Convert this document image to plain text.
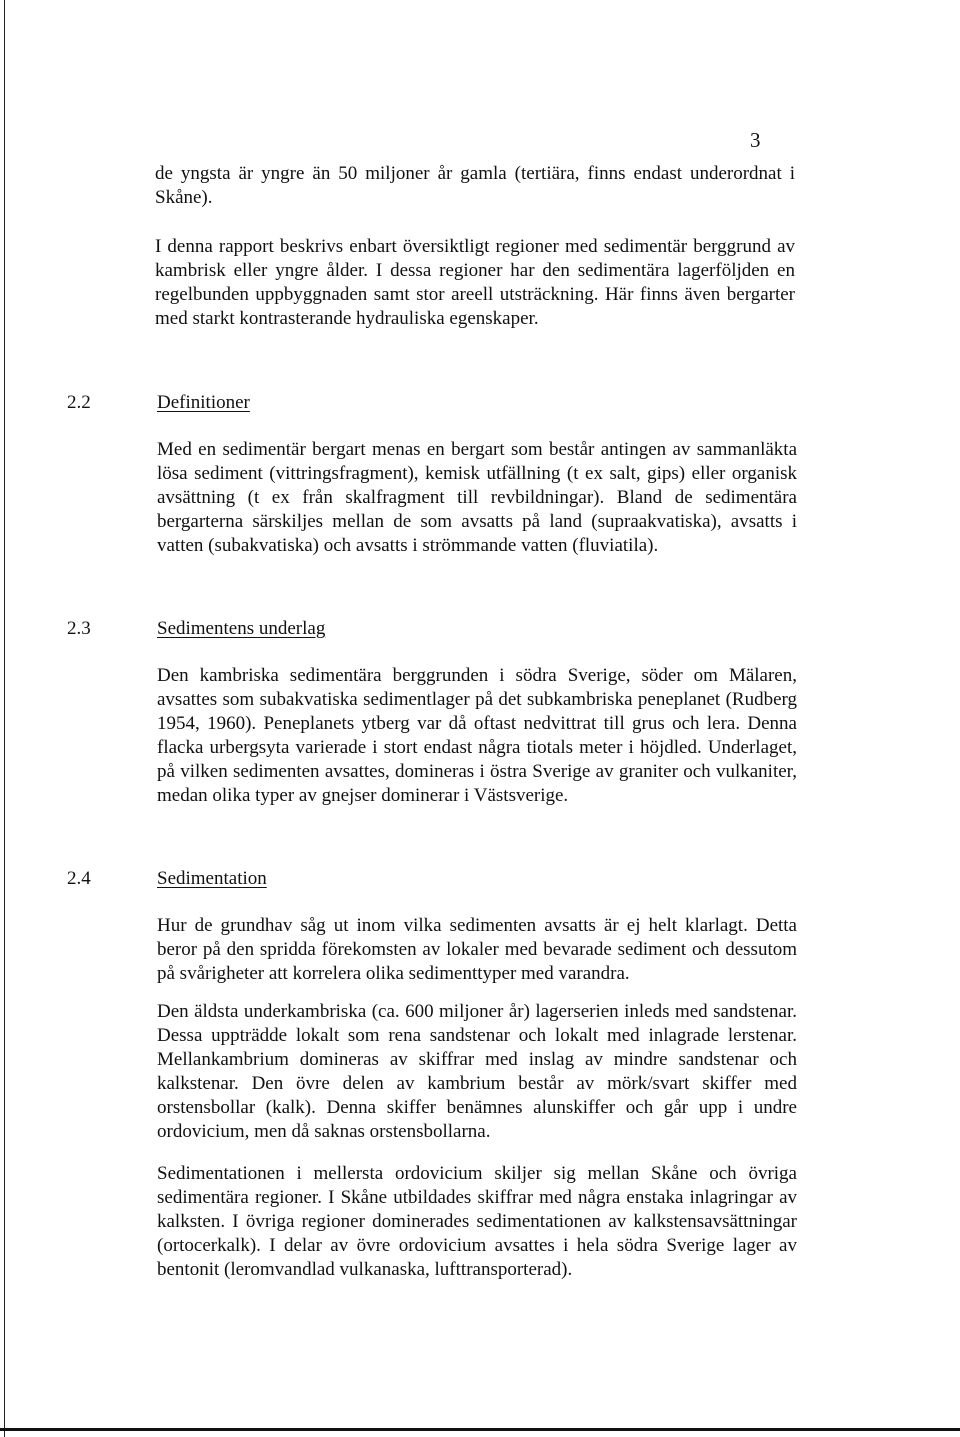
3

de yngsta är yngre än 50 miljoner år gamla (tertiära, finns endast underordnat i Skåne).

I denna rapport beskrivs enbart översiktligt regioner med sedimentär berggrund av kambrisk eller yngre ålder. I dessa regioner har den sedimentära lagerföljden en regelbunden uppbyggnaden samt stor areell utsträckning. Här finns även bergarter med starkt kontrasterande hydrauliska egenskaper.

2.2	Definitioner

Med en sedimentär bergart menas en bergart som består antingen av sammanläkta lösa sediment (vittringsfragment), kemisk utfällning (t ex salt, gips) eller organisk avsättning (t ex från skalfragment till revbildningar). Bland de sedimentära bergarterna särskiljes mellan de som avsatts på land (supraakvatiska), avsatts i vatten (subakvatiska) och avsatts i strömmande vatten (fluviatila).

2.3	Sedimentens underlag

Den kambriska sedimentära berggrunden i södra Sverige, söder om Mälaren, avsattes som subakvatiska sedimentlager på det subkambriska peneplanet (Rudberg 1954, 1960). Peneplanets ytberg var då oftast nedvittrat till grus och lera. Denna flacka urbergsyta varierade i stort endast några tiotals meter i höjdled. Underlaget, på vilken sedimenten avsattes, domineras i östra Sverige av graniter och vulkaniter, medan olika typer av gnejser dominerar i Västsverige.

2.4	Sedimentation

Hur de grundhav såg ut inom vilka sedimenten avsatts är ej helt klarlagt. Detta beror på den spridda förekomsten av lokaler med bevarade sediment och dessutom på svårigheter att korrelera olika sedimenttyper med varandra.

Den äldsta underkambriska (ca. 600 miljoner år) lagerserien inleds med sandstenar. Dessa uppträdde lokalt som rena sandstenar och lokalt med inlagrade lerstenar. Mellankambrium domineras av skiffrar med inslag av mindre sandstenar och kalkstenar. Den övre delen av kambrium består av mörk/svart skiffer med orstensbollar (kalk). Denna skiffer benämnes alunskiffer och går upp i undre ordovicium, men då saknas orstensbollarna.

Sedimentationen i mellersta ordovicium skiljer sig mellan Skåne och övriga sedimentära regioner. I Skåne utbildades skiffrar med några enstaka inlagringar av kalksten. I övriga regioner dominerades sedimentationen av kalkstensavsättningar (ortocerkalk). I delar av övre ordovicium avsattes i hela södra Sverige lager av bentonit (leromvandlad vulkanaska, lufttransporterad).
